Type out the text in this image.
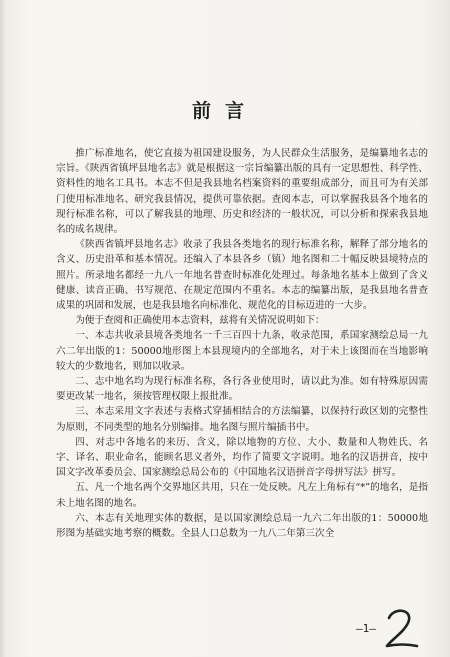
前言

推广标准地名，使它直接为祖国建设服务，为人民群众生活服务，是编纂地名志的宗旨。《陕西省镇坪县地名志》就是根据这一宗旨编纂出版的具有一定思想性、科学性、资料性的地名工具书。本志不但是我县地名档案资料的重要组成部分，而且可为有关部门使用标准地名、研究我县情况，提供可靠依据。查阅本志，可以掌握我县各个地名的现行标准名称，可以了解我县的地理、历史和经济的一般状况，可以分析和探索我县地名的成名规律。

《陕西省镇坪县地名志》收录了我县各类地名的现行标准名称，解释了部分地名的含义、历史沿革和基本情况。还编入了本县各乡（镇）地名图和二十幅反映县境特点的照片。所录地名都经一九八一年地名普查时标准化处理过。每条地名基本上做到了含义健康、读音正确、书写规范、在规定范围内不重名。本志的编纂出版，是我县地名普查成果的巩固和发展，也是我县地名向标准化、规范化的目标迈进的一大步。

为便于查阅和正确使用本志资料，兹将有关情况说明如下：

一、本志共收录县境各类地名一千三百四十九条，收录范围，系国家测绘总局一九六二年出版的1：50000地形图上本县现境内的全部地名，对于未上该图而在当地影响较大的少数地名，则加以收录。

二、志中地名均为现行标准名称，各行各业使用时，请以此为准。如有特殊原因需要更改某一地名，须按管理权限上报批准。

三、本志采用文字表述与表格式穿插相结合的方法编纂，以保持行政区划的完整性为原则，不同类型的地名分别编排。地名图与照片编插书中。

四、对志中各地名的来历、含义，除以地物的方位、大小、数量和人物姓氏、名字、译名、职业命名，能顾名思义者外，均作了简要文字说明。地名的汉语拼音，按中国文字改革委员会、国家测绘总局公布的《中国地名汉语拼音字母拼写法》拼写。

五、凡一个地名两个交界地区共用，只在一处反映。凡左上角标有“*”的地名，是指未上地名图的地名。

六、本志有关地理实体的数据，是以国家测绘总局一九六二年出版的1：50000地形图为基础实地考察的概数。全县人口总数为一九八二年第三次全

—1—
